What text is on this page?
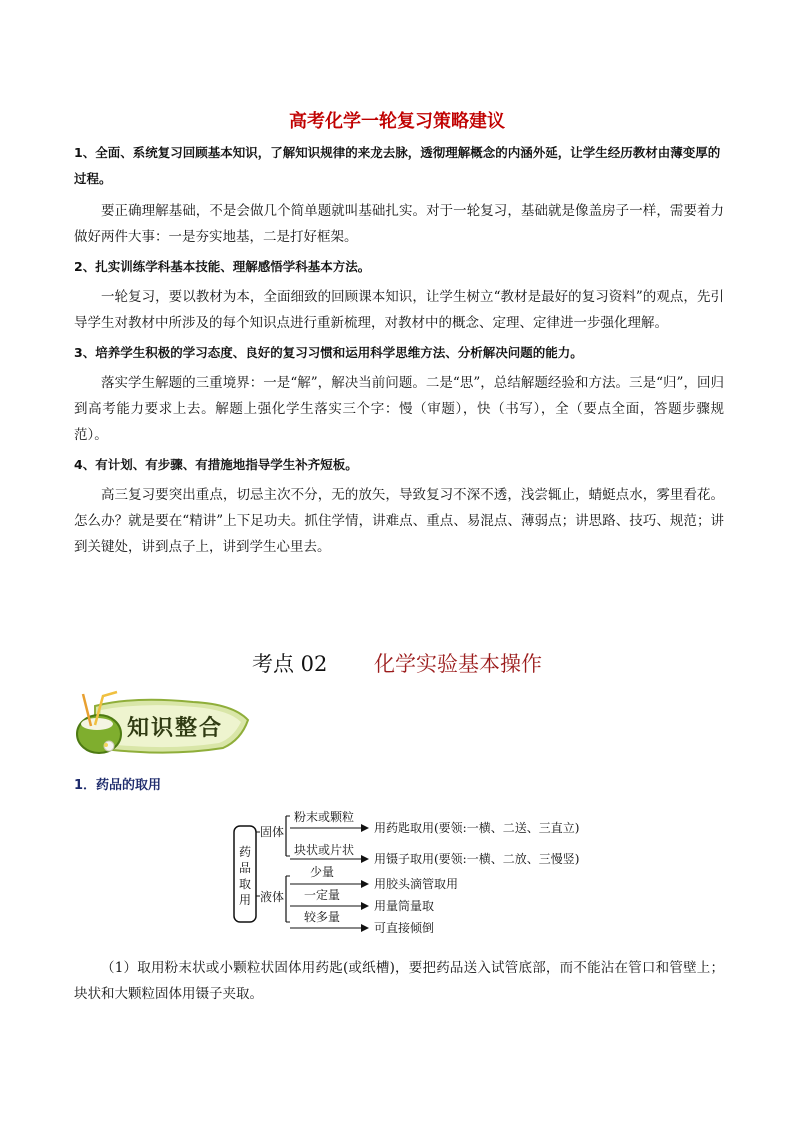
高考化学一轮复习策略建议

1、全面、系统复习回顾基本知识，了解知识规律的来龙去脉，透彻理解概念的内涵外延，让学生经历教材由薄变厚的过程。

要正确理解基础，不是会做几个简单题就叫基础扎实。对于一轮复习，基础就是像盖房子一样，需要着力做好两件大事：一是夯实地基，二是打好框架。

2、扎实训练学科基本技能、理解感悟学科基本方法。

一轮复习，要以教材为本，全面细致的回顾课本知识，让学生树立“教材是最好的复习资料”的观点，先引导学生对教材中所涉及的每个知识点进行重新梳理，对教材中的概念、定理、定律进一步强化理解。

3、培养学生积极的学习态度、良好的复习习惯和运用科学思维方法、分析解决问题的能力。

落实学生解题的三重境界：一是“解”，解决当前问题。二是“思”，总结解题经验和方法。三是“归”，回归到高考能力要求上去。解题上强化学生落实三个字：慢（审题），快（书写），全（要点全面，答题步骤规范）。

4、有计划、有步骤、有措施地指导学生补齐短板。

高三复习要突出重点，切忌主次不分，无的放矢，导致复习不深不透，浅尝辄止，蜻蜓点水，雾里看花。怎么办？就是要在“精讲”上下足功夫。抓住学情，讲难点、重点、易混点、薄弱点；讲思路、技巧、规范；讲到关键处，讲到点子上，讲到学生心里去。

考点 02 化学实验基本操作
知识整合
1．药品的取用
药
品
取
用
固体
液体
粉末或颗粒
用药匙取用(要领:一横、二送、三直立)
块状或片状
用镊子取用(要领:一横、二放、三慢竖)
少量
用胶头滴管取用
一定量
用量筒量取
较多量
可直接倾倒

（1）取用粉末状或小颗粒状固体用药匙(或纸槽)，要把药品送入试管底部，而不能沾在管口和管壁上；块状和大颗粒固体用镊子夹取。
